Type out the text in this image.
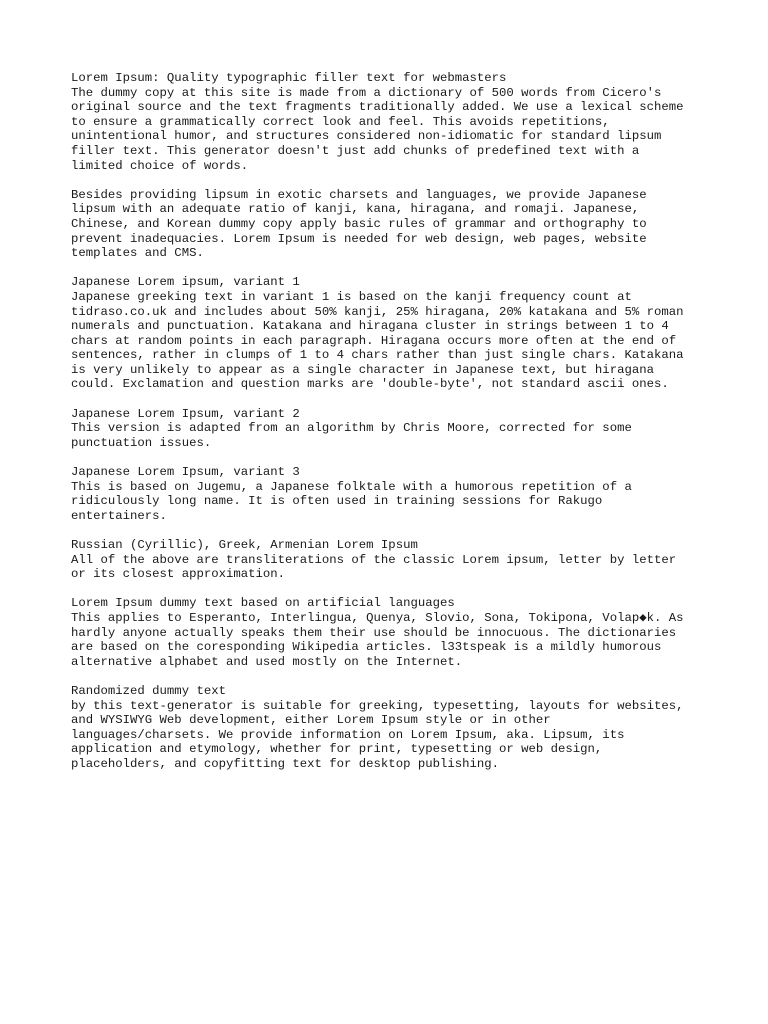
Lorem Ipsum: Quality typographic filler text for webmasters
The dummy copy at this site is made from a dictionary of 500 words from Cicero's
original source and the text fragments traditionally added. We use a lexical scheme
to ensure a grammatically correct look and feel. This avoids repetitions,
unintentional humor, and structures considered non-idiomatic for standard lipsum
filler text. This generator doesn't just add chunks of predefined text with a
limited choice of words.
Besides providing lipsum in exotic charsets and languages, we provide Japanese
lipsum with an adequate ratio of kanji, kana, hiragana, and romaji. Japanese,
Chinese, and Korean dummy copy apply basic rules of grammar and orthography to
prevent inadequacies. Lorem Ipsum is needed for web design, web pages, website
templates and CMS.
Japanese Lorem ipsum, variant 1
Japanese greeking text in variant 1 is based on the kanji frequency count at
tidraso.co.uk and includes about 50% kanji, 25% hiragana, 20% katakana and 5% roman
numerals and punctuation. Katakana and hiragana cluster in strings between 1 to 4
chars at random points in each paragraph. Hiragana occurs more often at the end of
sentences, rather in clumps of 1 to 4 chars rather than just single chars. Katakana
is very unlikely to appear as a single character in Japanese text, but hiragana
could. Exclamation and question marks are 'double-byte', not standard ascii ones.
Japanese Lorem Ipsum, variant 2
This version is adapted from an algorithm by Chris Moore, corrected for some
punctuation issues.
Japanese Lorem Ipsum, variant 3
This is based on Jugemu, a Japanese folktale with a humorous repetition of a
ridiculously long name. It is often used in training sessions for Rakugo
entertainers.
Russian (Cyrillic), Greek, Armenian Lorem Ipsum
All of the above are transliterations of the classic Lorem ipsum, letter by letter
or its closest approximation.
Lorem Ipsum dummy text based on artificial languages
This applies to Esperanto, Interlingua, Quenya, Slovio, Sona, Tokipona, Volap◆k. As
hardly anyone actually speaks them their use should be innocuous. The dictionaries
are based on the coresponding Wikipedia articles. l33tspeak is a mildly humorous
alternative alphabet and used mostly on the Internet.
Randomized dummy text
by this text-generator is suitable for greeking, typesetting, layouts for websites,
and WYSIWYG Web development, either Lorem Ipsum style or in other
languages/charsets. We provide information on Lorem Ipsum, aka. Lipsum, its
application and etymology, whether for print, typesetting or web design,
placeholders, and copyfitting text for desktop publishing.
